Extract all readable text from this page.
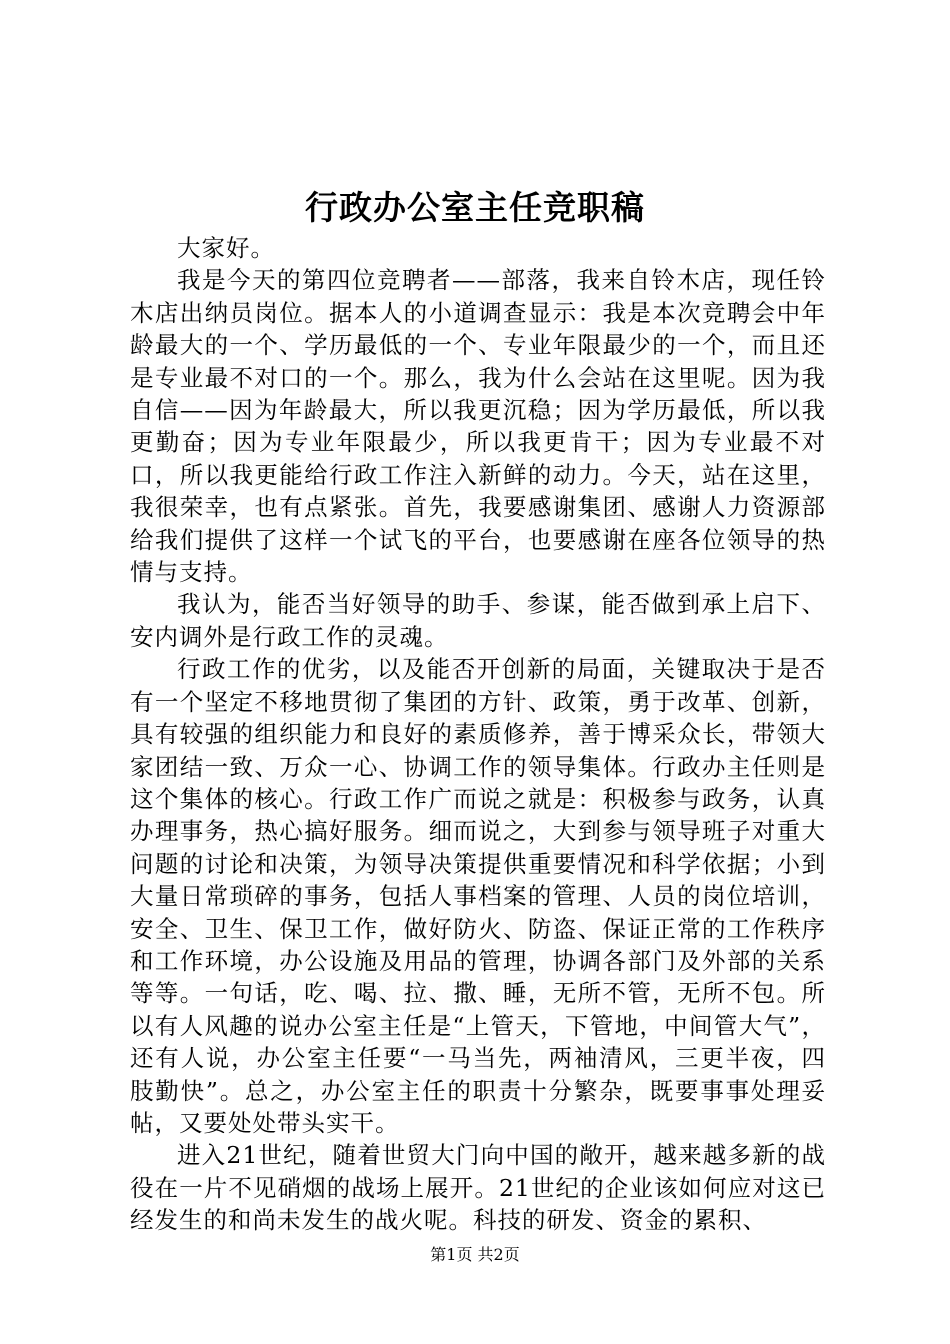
行政办公室主任竞职稿

大家好。

我是今天的第四位竞聘者——部落，我来自铃木店，现任铃木店出纳员岗位。据本人的小道调查显示：我是本次竞聘会中年龄最大的一个、学历最低的一个、专业年限最少的一个，而且还是专业最不对口的一个。那么，我为什么会站在这里呢。因为我自信——因为年龄最大，所以我更沉稳；因为学历最低，所以我更勤奋；因为专业年限最少，所以我更肯干；因为专业最不对口，所以我更能给行政工作注入新鲜的动力。今天，站在这里，我很荣幸，也有点紧张。首先，我要感谢集团、感谢人力资源部给我们提供了这样一个试飞的平台，也要感谢在座各位领导的热情与支持。

我认为，能否当好领导的助手、参谋，能否做到承上启下、安内调外是行政工作的灵魂。

行政工作的优劣，以及能否开创新的局面，关键取决于是否有一个坚定不移地贯彻了集团的方针、政策，勇于改革、创新，具有较强的组织能力和良好的素质修养，善于博采众长，带领大家团结一致、万众一心、协调工作的领导集体。行政办主任则是这个集体的核心。行政工作广而说之就是：积极参与政务，认真办理事务，热心搞好服务。细而说之，大到参与领导班子对重大问题的讨论和决策，为领导决策提供重要情况和科学依据；小到大量日常琐碎的事务，包括人事档案的管理、人员的岗位培训，安全、卫生、保卫工作，做好防火、防盗、保证正常的工作秩序和工作环境，办公设施及用品的管理，协调各部门及外部的关系等等。一句话，吃、喝、拉、撒、睡，无所不管，无所不包。所以有人风趣的说办公室主任是“上管天，下管地，中间管大气”，还有人说，办公室主任要“一马当先，两袖清风，三更半夜，四肢勤快”。总之，办公室主任的职责十分繁杂，既要事事处理妥帖，又要处处带头实干。

进入21世纪，随着世贸大门向中国的敞开，越来越多新的战役在一片不见硝烟的战场上展开。21世纪的企业该如何应对这已经发生的和尚未发生的战火呢。科技的研发、资金的累积、

第1页 共2页
